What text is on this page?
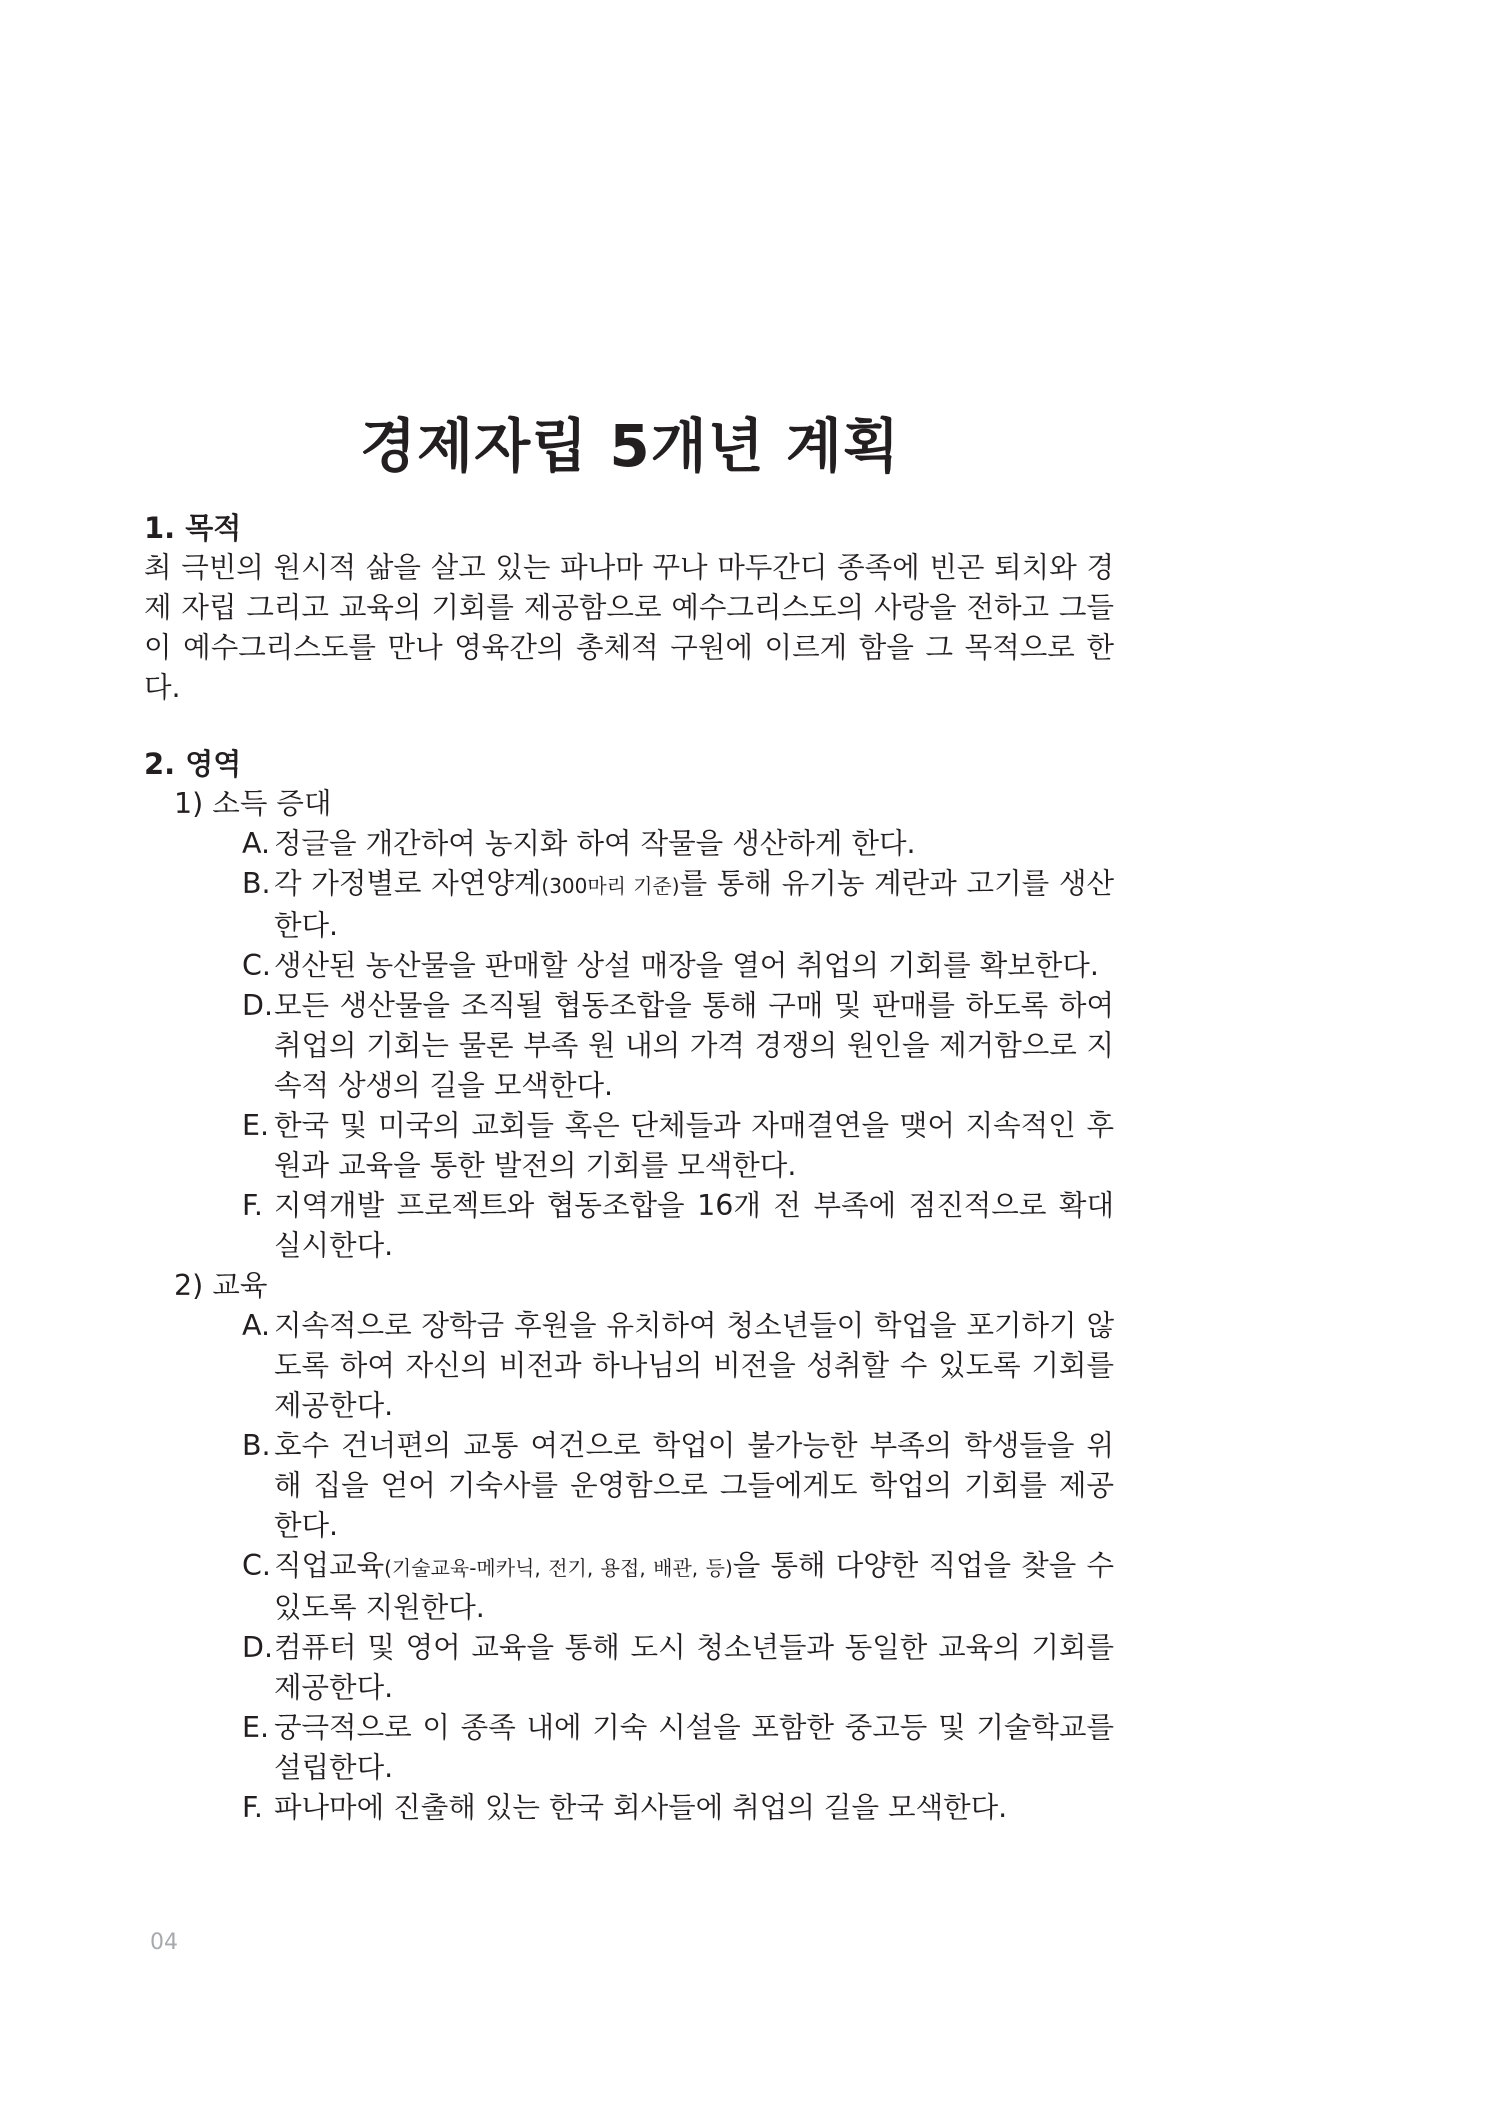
경제자립 5개년 계획

1. 목적

최 극빈의 원시적 삶을 살고 있는 파나마 꾸나 마두간디 종족에 빈곤 퇴치와 경

제 자립 그리고 교육의 기회를 제공함으로 예수그리스도의 사랑을 전하고 그들

이 예수그리스도를 만나 영육간의 총체적 구원에 이르게 함을 그 목적으로 한다.

2. 영역

1) 소득 증대

A. 정글을 개간하여 농지화 하여 작물을 생산하게 한다.
B. 각 가정별로 자연양계(300마리 기준)를 통해 유기농 계란과 고기를 생산한다.
C. 생산된 농산물을 판매할 상설 매장을 열어 취업의 기회를 확보한다.
D. 모든 생산물을 조직될 협동조합을 통해 구매 및 판매를 하도록 하여 취업의 기회는 물론 부족 원 내의 가격 경쟁의 원인을 제거함으로 지속적 상생의 길을 모색한다.
E. 한국 및 미국의 교회들 혹은 단체들과 자매결연을 맺어 지속적인 후원과 교육을 통한 발전의 기회를 모색한다.
F. 지역개발 프로젝트와 협동조합을 16개 전 부족에 점진적으로 확대 실시한다.

2) 교육

A. 지속적으로 장학금 후원을 유치하여 청소년들이 학업을 포기하기 않도록 하여 자신의 비전과 하나님의 비전을 성취할 수 있도록 기회를 제공한다.
B. 호수 건너편의 교통 여건으로 학업이 불가능한 부족의 학생들을 위해 집을 얻어 기숙사를 운영함으로 그들에게도 학업의 기회를 제공한다.
C. 직업교육(기술교육-메카닉, 전기, 용접, 배관, 등)을 통해 다양한 직업을 찾을 수 있도록 지원한다.
D. 컴퓨터 및 영어 교육을 통해 도시 청소년들과 동일한 교육의 기회를 제공한다.
E. 궁극적으로 이 종족 내에 기숙 시설을 포함한 중고등 및 기술학교를 설립한다.
F. 파나마에 진출해 있는 한국 회사들에 취업의 길을 모색한다.
04
